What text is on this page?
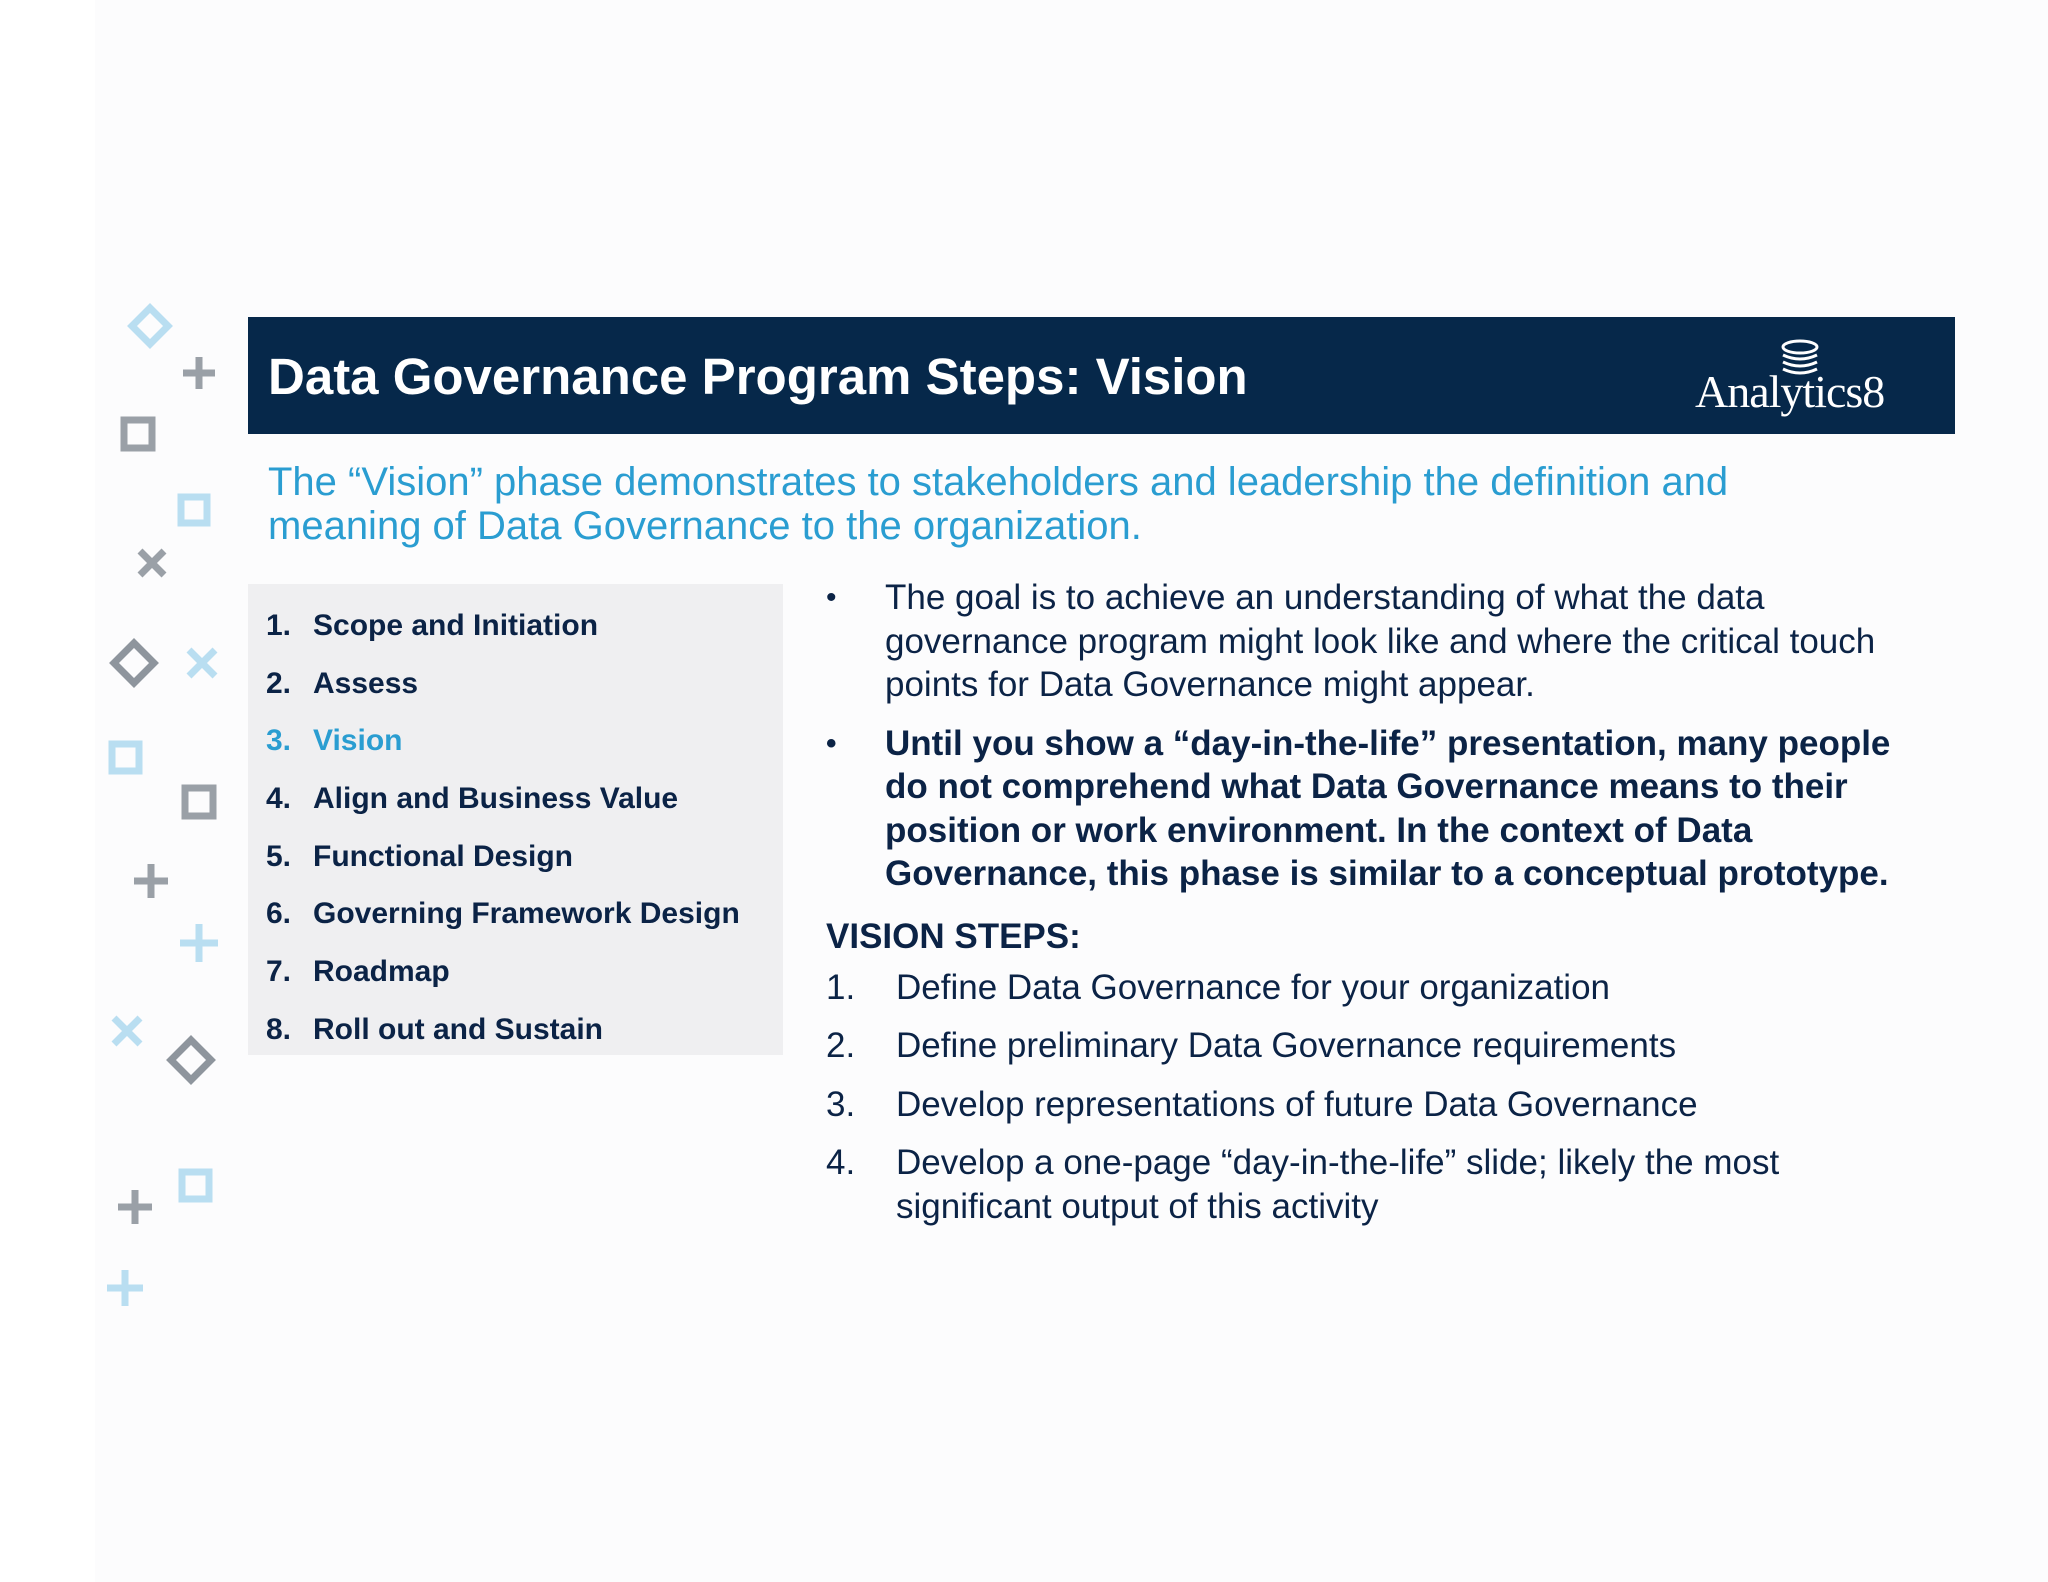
Data Governance Program Steps: Vision	Analytics8

The “Vision” phase demonstrates to stakeholders and leadership the definition and meaning of Data Governance to the organization.

1. Scope and Initiation
2. Assess
3. Vision
4. Align and Business Value
5. Functional Design
6. Governing Framework Design
7. Roadmap
8. Roll out and Sustain

• The goal is to achieve an understanding of what the data governance program might look like and where the critical touch points for Data Governance might appear.

• Until you show a “day-in-the-life” presentation, many people do not comprehend what Data Governance means to their position or work environment. In the context of Data Governance, this phase is similar to a conceptual prototype.

VISION STEPS:
1. Define Data Governance for your organization
2. Define preliminary Data Governance requirements
3. Develop representations of future Data Governance
4. Develop a one-page “day-in-the-life” slide; likely the most significant output of this activity
